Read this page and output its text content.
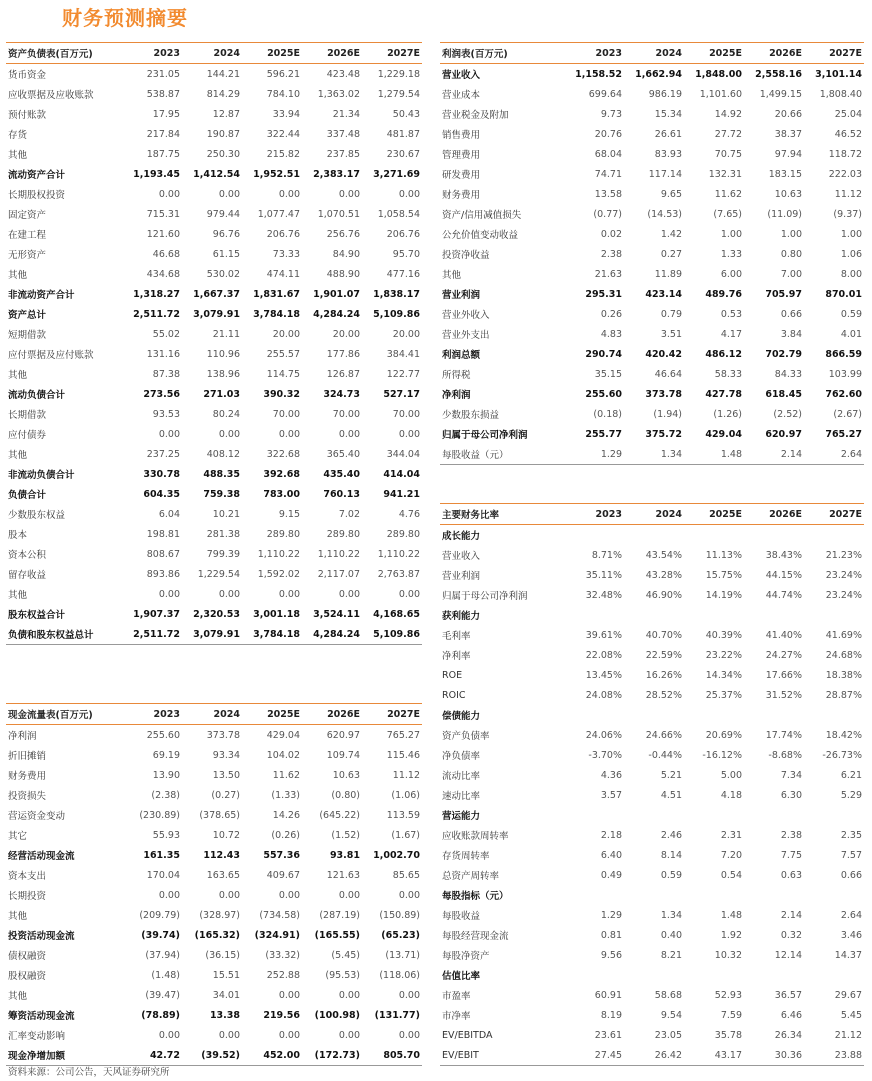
财务预测摘要
资产负债表(百万元)	2023	2024	2025E	2026E	2027E
货币资金	231.05	144.21	596.21	423.48	1,229.18
应收票据及应收账款	538.87	814.29	784.10	1,363.02	1,279.54
预付账款	17.95	12.87	33.94	21.34	50.43
存货	217.84	190.87	322.44	337.48	481.87
其他	187.75	250.30	215.82	237.85	230.67
流动资产合计	1,193.45	1,412.54	1,952.51	2,383.17	3,271.69
长期股权投资	0.00	0.00	0.00	0.00	0.00
固定资产	715.31	979.44	1,077.47	1,070.51	1,058.54
在建工程	121.60	96.76	206.76	256.76	206.76
无形资产	46.68	61.15	73.33	84.90	95.70
其他	434.68	530.02	474.11	488.90	477.16
非流动资产合计	1,318.27	1,667.37	1,831.67	1,901.07	1,838.17
资产总计	2,511.72	3,079.91	3,784.18	4,284.24	5,109.86
短期借款	55.02	21.11	20.00	20.00	20.00
应付票据及应付账款	131.16	110.96	255.57	177.86	384.41
其他	87.38	138.96	114.75	126.87	122.77
流动负债合计	273.56	271.03	390.32	324.73	527.17
长期借款	93.53	80.24	70.00	70.00	70.00
应付债券	0.00	0.00	0.00	0.00	0.00
其他	237.25	408.12	322.68	365.40	344.04
非流动负债合计	330.78	488.35	392.68	435.40	414.04
负债合计	604.35	759.38	783.00	760.13	941.21
少数股东权益	6.04	10.21	9.15	7.02	4.76
股本	198.81	281.38	289.80	289.80	289.80
资本公积	808.67	799.39	1,110.22	1,110.22	1,110.22
留存收益	893.86	1,229.54	1,592.02	2,117.07	2,763.87
其他	0.00	0.00	0.00	0.00	0.00
股东权益合计	1,907.37	2,320.53	3,001.18	3,524.11	4,168.65
负债和股东权益总计	2,511.72	3,079.91	3,784.18	4,284.24	5,109.86
利润表(百万元)	2023	2024	2025E	2026E	2027E
营业收入	1,158.52	1,662.94	1,848.00	2,558.16	3,101.14
营业成本	699.64	986.19	1,101.60	1,499.15	1,808.40
营业税金及附加	9.73	15.34	14.92	20.66	25.04
销售费用	20.76	26.61	27.72	38.37	46.52
管理费用	68.04	83.93	70.75	97.94	118.72
研发费用	74.71	117.14	132.31	183.15	222.03
财务费用	13.58	9.65	11.62	10.63	11.12
资产/信用减值损失	(0.77)	(14.53)	(7.65)	(11.09)	(9.37)
公允价值变动收益	0.02	1.42	1.00	1.00	1.00
投资净收益	2.38	0.27	1.33	0.80	1.06
其他	21.63	11.89	6.00	7.00	8.00
营业利润	295.31	423.14	489.76	705.97	870.01
营业外收入	0.26	0.79	0.53	0.66	0.59
营业外支出	4.83	3.51	4.17	3.84	4.01
利润总额	290.74	420.42	486.12	702.79	866.59
所得税	35.15	46.64	58.33	84.33	103.99
净利润	255.60	373.78	427.78	618.45	762.60
少数股东损益	(0.18)	(1.94)	(1.26)	(2.52)	(2.67)
归属于母公司净利润	255.77	375.72	429.04	620.97	765.27
每股收益（元）	1.29	1.34	1.48	2.14	2.64
现金流量表(百万元)	2023	2024	2025E	2026E	2027E
净利润	255.60	373.78	429.04	620.97	765.27
折旧摊销	69.19	93.34	104.02	109.74	115.46
财务费用	13.90	13.50	11.62	10.63	11.12
投资损失	(2.38)	(0.27)	(1.33)	(0.80)	(1.06)
营运资金变动	(230.89)	(378.65)	14.26	(645.22)	113.59
其它	55.93	10.72	(0.26)	(1.52)	(1.67)
经营活动现金流	161.35	112.43	557.36	93.81	1,002.70
资本支出	170.04	163.65	409.67	121.63	85.65
长期投资	0.00	0.00	0.00	0.00	0.00
其他	(209.79)	(328.97)	(734.58)	(287.19)	(150.89)
投资活动现金流	(39.74)	(165.32)	(324.91)	(165.55)	(65.23)
债权融资	(37.94)	(36.15)	(33.32)	(5.45)	(13.71)
股权融资	(1.48)	15.51	252.88	(95.53)	(118.06)
其他	(39.47)	34.01	0.00	0.00	0.00
筹资活动现金流	(78.89)	13.38	219.56	(100.98)	(131.77)
汇率变动影响	0.00	0.00	0.00	0.00	0.00
现金净增加额	42.72	(39.52)	452.00	(172.73)	805.70
主要财务比率	2023	2024	2025E	2026E	2027E
成长能力					
营业收入	8.71%	43.54%	11.13%	38.43%	21.23%
营业利润	35.11%	43.28%	15.75%	44.15%	23.24%
归属于母公司净利润	32.48%	46.90%	14.19%	44.74%	23.24%
获利能力					
毛利率	39.61%	40.70%	40.39%	41.40%	41.69%
净利率	22.08%	22.59%	23.22%	24.27%	24.68%
ROE	13.45%	16.26%	14.34%	17.66%	18.38%
ROIC	24.08%	28.52%	25.37%	31.52%	28.87%
偿债能力					
资产负债率	24.06%	24.66%	20.69%	17.74%	18.42%
净负债率	-3.70%	-0.44%	-16.12%	-8.68%	-26.73%
流动比率	4.36	5.21	5.00	7.34	6.21
速动比率	3.57	4.51	4.18	6.30	5.29
营运能力					
应收账款周转率	2.18	2.46	2.31	2.38	2.35
存货周转率	6.40	8.14	7.20	7.75	7.57
总资产周转率	0.49	0.59	0.54	0.63	0.66
每股指标（元）					
每股收益	1.29	1.34	1.48	2.14	2.64
每股经营现金流	0.81	0.40	1.92	0.32	3.46
每股净资产	9.56	8.21	10.32	12.14	14.37
估值比率					
市盈率	60.91	58.68	52.93	36.57	29.67
市净率	8.19	9.54	7.59	6.46	5.45
EV/EBITDA	23.61	23.05	35.78	26.34	21.12
EV/EBIT	27.45	26.42	43.17	30.36	23.88
资料来源：公司公告，天风证券研究所
